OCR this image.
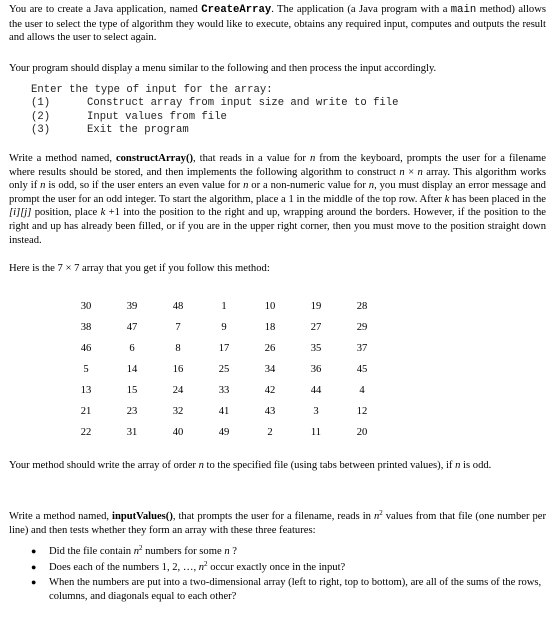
You are to create a Java application, named CreateArray. The application (a Java program with a main method) allows the user to select the type of algorithm they would like to execute, obtains any required input, computes and outputs the result and allows the user to select again.

Your program should display a menu similar to the following and then process the input accordingly.

Enter the type of input for the array:
(1)	Construct array from input size and write to file
(2)	Input values from file
(3)	Exit the program

Write a method named, constructArray(), that reads in a value for n from the keyboard, prompts the user for a filename where results should be stored, and then implements the following algorithm to construct n × n array. This algorithm works only if n is odd, so if the user enters an even value for n or a non-numeric value for n, you must display an error message and prompt the user for an odd integer. To start the algorithm, place a 1 in the middle of the top row. After k has been placed in the [i][j] position, place k +1 into the position to the right and up, wrapping around the borders. However, if the position to the right and up has already been filled, or if you are in the upper right corner, then you must move to the position straight down instead.

Here is the 7 × 7 array that you get if you follow this method:

30	39	48	1	10	19	28
38	47	7	9	18	27	29
46	6	8	17	26	35	37
5	14	16	25	34	36	45
13	15	24	33	42	44	4
21	23	32	41	43	3	12
22	31	40	49	2	11	20

Your method should write the array of order n to the specified file (using tabs between printed values), if n is odd.

Write a method named, inputValues(), that prompts the user for a filename, reads in $n^2$ values from that file (one number per line) and then tests whether they form an array with these three features:

● Did the file contain $n^2$ numbers for some n ?
● Does each of the numbers 1, 2, …, $n^2$ occur exactly once in the input?
● When the numbers are put into a two-dimensional array (left to right, top to bottom), are all of the sums of the rows, columns, and diagonals equal to each other?
